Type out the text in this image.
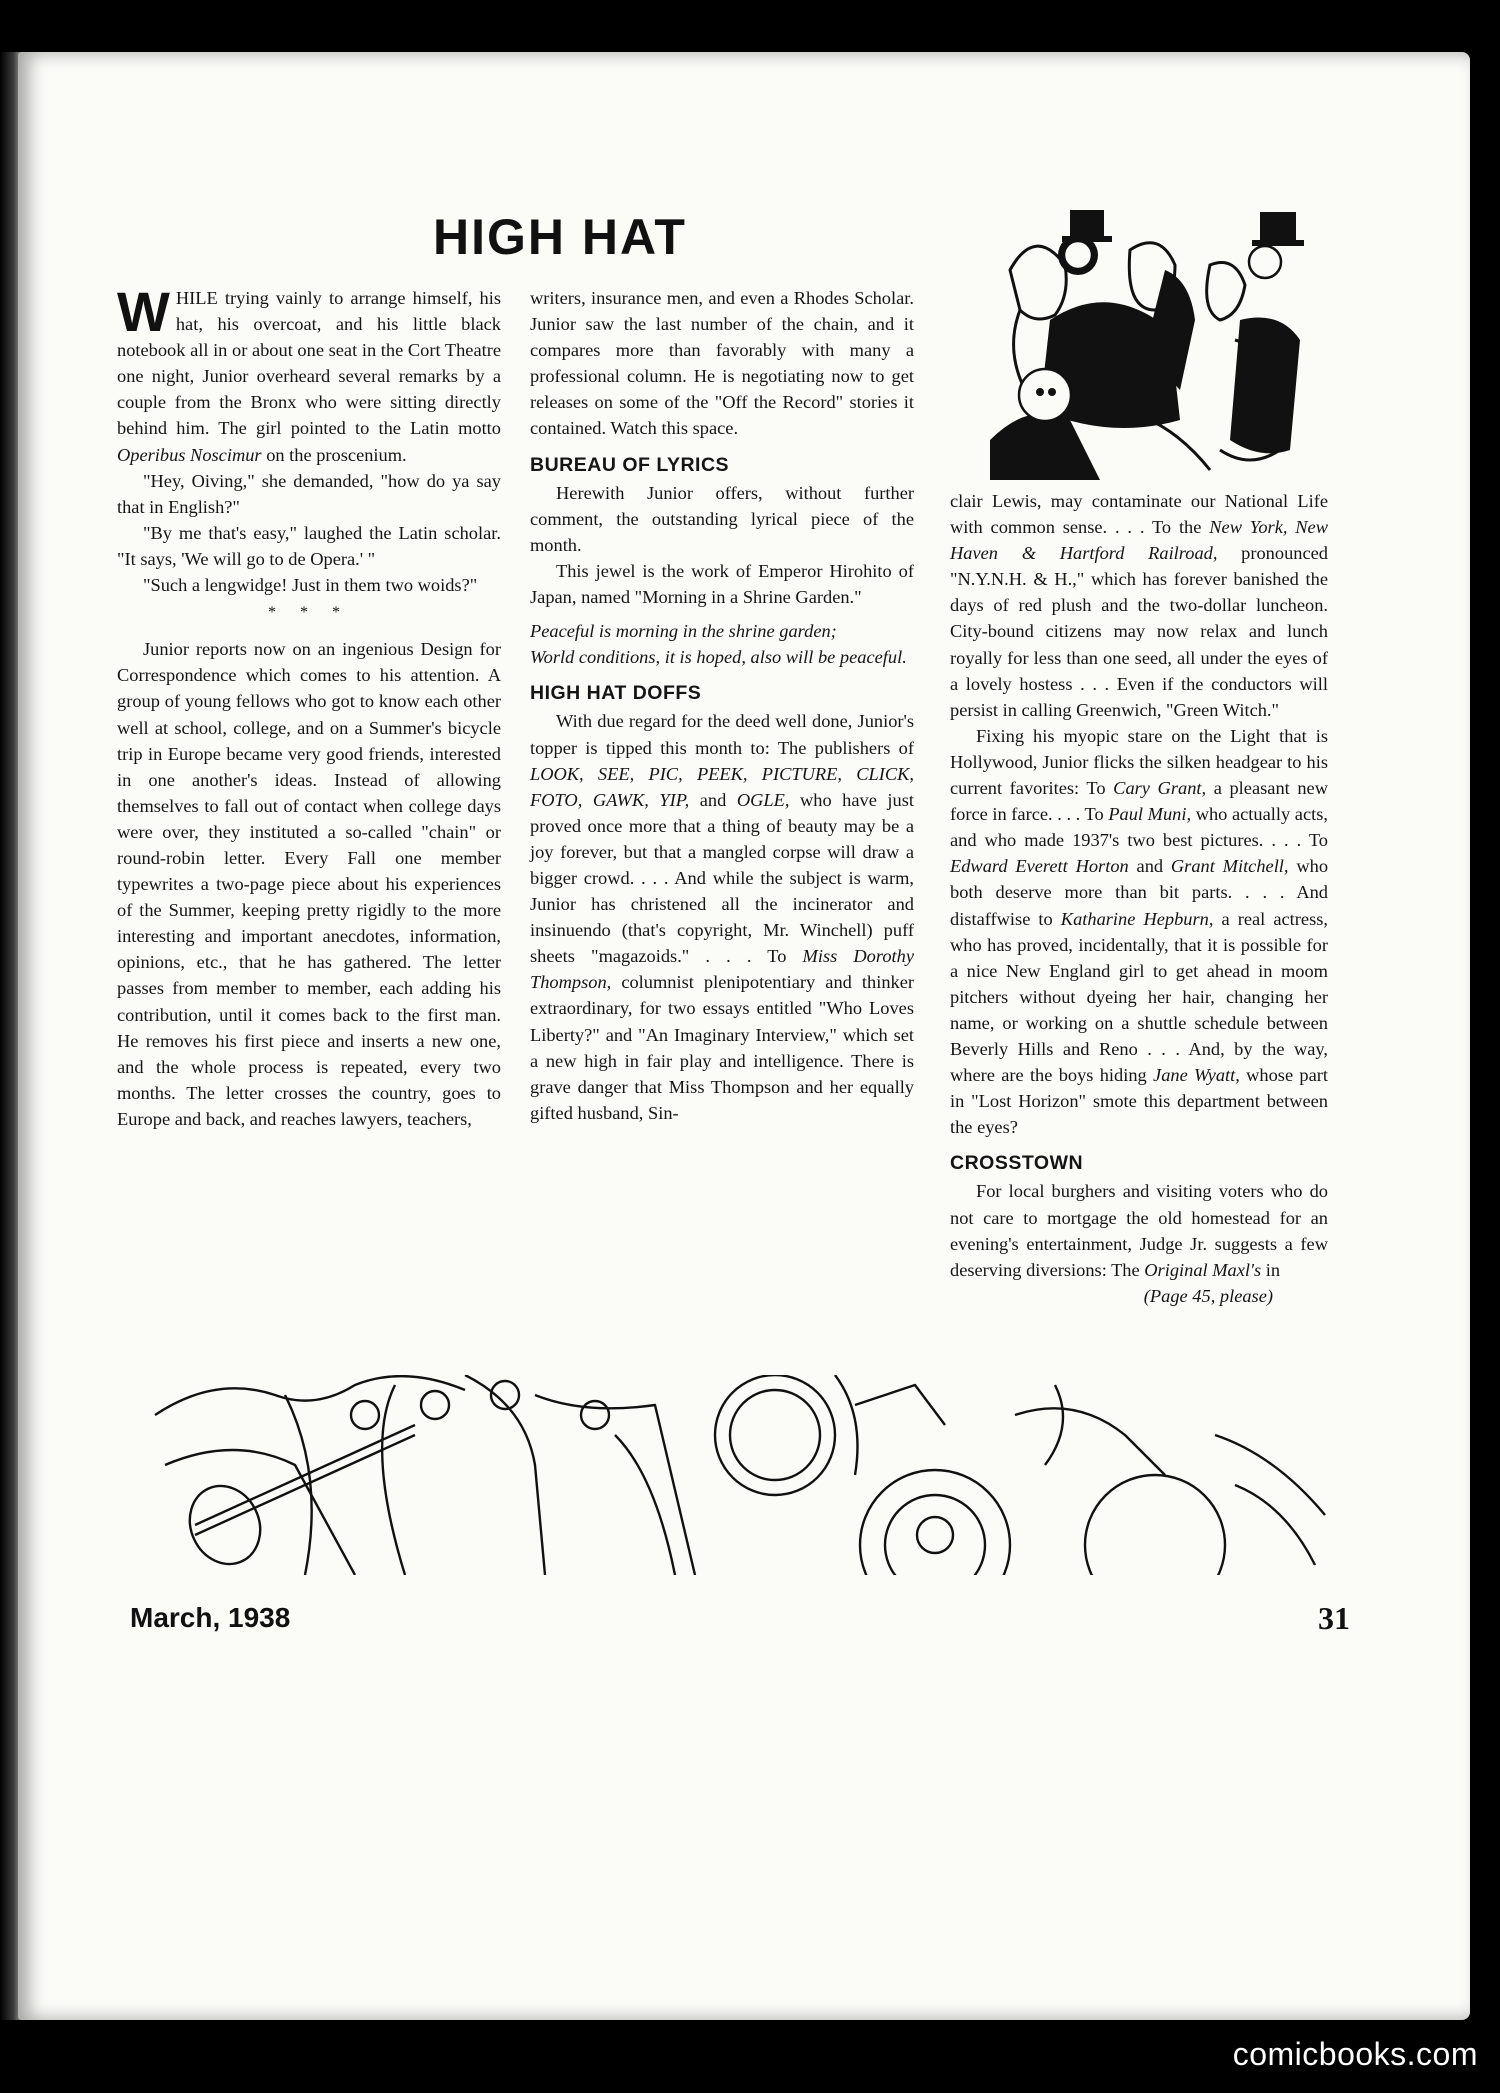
HIGH HAT

WHILE trying vainly to arrange himself, his hat, his overcoat, and his little black notebook all in or about one seat in the Cort Theatre one night, Junior overheard several remarks by a couple from the Bronx who were sitting directly behind him. The girl pointed to the Latin motto Operibus Noscimur on the proscenium.

"Hey, Oiving," she demanded, "how do ya say that in English?"

"By me that's easy," laughed the Latin scholar. "It says, 'We will go to de Opera.' "

"Such a lengwidge! Just in them two woids?"

* * *

Junior reports now on an ingenious Design for Correspondence which comes to his attention. A group of young fellows who got to know each other well at school, college, and on a Summer's bicycle trip in Europe became very good friends, interested in one another's ideas. Instead of allowing themselves to fall out of contact when college days were over, they instituted a so-called "chain" or round-robin letter. Every Fall one member typewrites a two-page piece about his experiences of the Summer, keeping pretty rigidly to the more interesting and important anecdotes, information, opinions, etc., that he has gathered. The letter passes from member to member, each adding his contribution, until it comes back to the first man. He removes his first piece and inserts a new one, and the whole process is repeated, every two months. The letter crosses the country, goes to Europe and back, and reaches lawyers, teachers,

writers, insurance men, and even a Rhodes Scholar. Junior saw the last number of the chain, and it compares more than favorably with many a professional column. He is negotiating now to get releases on some of the "Off the Record" stories it contained. Watch this space.

BUREAU OF LYRICS

Herewith Junior offers, without further comment, the outstanding lyrical piece of the month.

This jewel is the work of Emperor Hirohito of Japan, named "Morning in a Shrine Garden."

Peaceful is morning in the shrine garden;

World conditions, it is hoped, also will be peaceful.

HIGH HAT DOFFS

With due regard for the deed well done, Junior's topper is tipped this month to: The publishers of LOOK, SEE, PIC, PEEK, PICTURE, CLICK, FOTO, GAWK, YIP, and OGLE, who have just proved once more that a thing of beauty may be a joy forever, but that a mangled corpse will draw a bigger crowd. . . . And while the subject is warm, Junior has christened all the incinerator and insinuendo (that's copyright, Mr. Winchell) puff sheets "magazoids." . . . To Miss Dorothy Thompson, columnist plenipotentiary and thinker extraordinary, for two essays entitled "Who Loves Liberty?" and "An Imaginary Interview," which set a new high in fair play and intelligence. There is grave danger that Miss Thompson and her equally gifted husband, Sin-

clair Lewis, may contaminate our National Life with common sense. . . . To the New York, New Haven & Hartford Railroad, pronounced "N.Y.N.H. & H.," which has forever banished the days of red plush and the two-dollar luncheon. City-bound citizens may now relax and lunch royally for less than one seed, all under the eyes of a lovely hostess . . . Even if the conductors will persist in calling Greenwich, "Green Witch."

Fixing his myopic stare on the Light that is Hollywood, Junior flicks the silken headgear to his current favorites: To Cary Grant, a pleasant new force in farce. . . . To Paul Muni, who actually acts, and who made 1937's two best pictures. . . . To Edward Everett Horton and Grant Mitchell, who both deserve more than bit parts. . . . And distaffwise to Katharine Hepburn, a real actress, who has proved, incidentally, that it is possible for a nice New England girl to get ahead in moom pitchers without dyeing her hair, changing her name, or working on a shuttle schedule between Beverly Hills and Reno . . . And, by the way, where are the boys hiding Jane Wyatt, whose part in "Lost Horizon" smote this department between the eyes?

CROSSTOWN

For local burghers and visiting voters who do not care to mortgage the old homestead for an evening's entertainment, Judge Jr. suggests a few deserving diversions: The Original Maxl's in

(Page 45, please)

March, 1938	31
comicbooks.com
